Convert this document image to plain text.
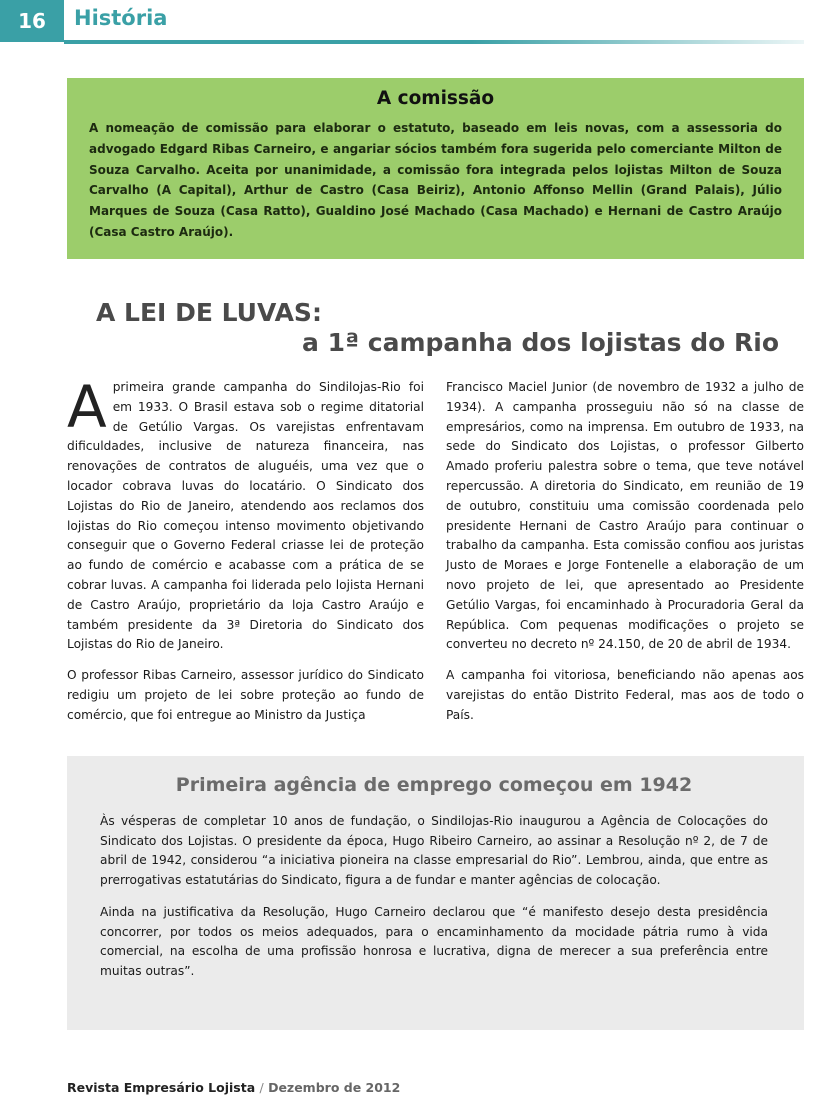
16	História
A comissão
A nomeação de comissão para elaborar o estatuto, baseado em leis novas, com a assessoria do advogado Edgard Ribas Carneiro, e angariar sócios também fora sugerida pelo comerciante Milton de Souza Carvalho. Aceita por unanimidade, a comissão fora integrada pelos lojistas Milton de Souza Carvalho (A Capital), Arthur de Castro (Casa Beiriz), Antonio Affonso Mellin (Grand Palais), Júlio Marques de Souza (Casa Ratto), Gualdino José Machado (Casa Machado) e Hernani de Castro Araújo (Casa Castro Araújo).
A LEI DE LUVAS:
a 1ª campanha dos lojistas do Rio

Aprimeira grande campanha do Sindilojas-Rio foi em 1933. O Brasil estava sob o regime ditatorial de Getúlio Vargas. Os varejistas enfrentavam dificuldades, inclusive de natureza financeira, nas renovações de contratos de aluguéis, uma vez que o locador cobrava luvas do locatário. O Sindicato dos Lojistas do Rio de Janeiro, atendendo aos reclamos dos lojistas do Rio começou intenso movimento objetivando conseguir que o Governo Federal criasse lei de proteção ao fundo de comércio e acabasse com a prática de se cobrar luvas. A campanha foi liderada pelo lojista Hernani de Castro Araújo, proprietário da loja Castro Araújo e também presidente da 3ª Diretoria do Sindicato dos Lojistas do Rio de Janeiro.

O professor Ribas Carneiro, assessor jurídico do Sindicato redigiu um projeto de lei sobre proteção ao fundo de comércio, que foi entregue ao Ministro da Justiça

Francisco Maciel Junior (de novembro de 1932 a julho de 1934). A campanha prosseguiu não só na classe de empresários, como na imprensa. Em outubro de 1933, na sede do Sindicato dos Lojistas, o professor Gilberto Amado proferiu palestra sobre o tema, que teve notável repercussão. A diretoria do Sindicato, em reunião de 19 de outubro, constituiu uma comissão coordenada pelo presidente Hernani de Castro Araújo para continuar o trabalho da campanha. Esta comissão confiou aos juristas Justo de Moraes e Jorge Fontenelle a elaboração de um novo projeto de lei, que apresentado ao Presidente Getúlio Vargas, foi encaminhado à Procuradoria Geral da República. Com pequenas modificações o projeto se converteu no decreto nº 24.150, de 20 de abril de 1934.

A campanha foi vitoriosa, beneficiando não apenas aos varejistas do então Distrito Federal, mas aos de todo o País.

Primeira agência de emprego começou em 1942

Às vésperas de completar 10 anos de fundação, o Sindilojas-Rio inaugurou a Agência de Colocações do Sindicato dos Lojistas. O presidente da época, Hugo Ribeiro Carneiro, ao assinar a Resolução nº 2, de 7 de abril de 1942, considerou “a iniciativa pioneira na classe empresarial do Rio”. Lembrou, ainda, que entre as prerrogativas estatutárias do Sindicato, figura a de fundar e manter agências de colocação.

Ainda na justificativa da Resolução, Hugo Carneiro declarou que “é manifesto desejo desta presidência concorrer, por todos os meios adequados, para o encaminhamento da mocidade pátria rumo à vida comercial, na escolha de uma profissão honrosa e lucrativa, digna de merecer a sua preferência entre muitas outras”.

Revista Empresário Lojista / Dezembro de 2012
